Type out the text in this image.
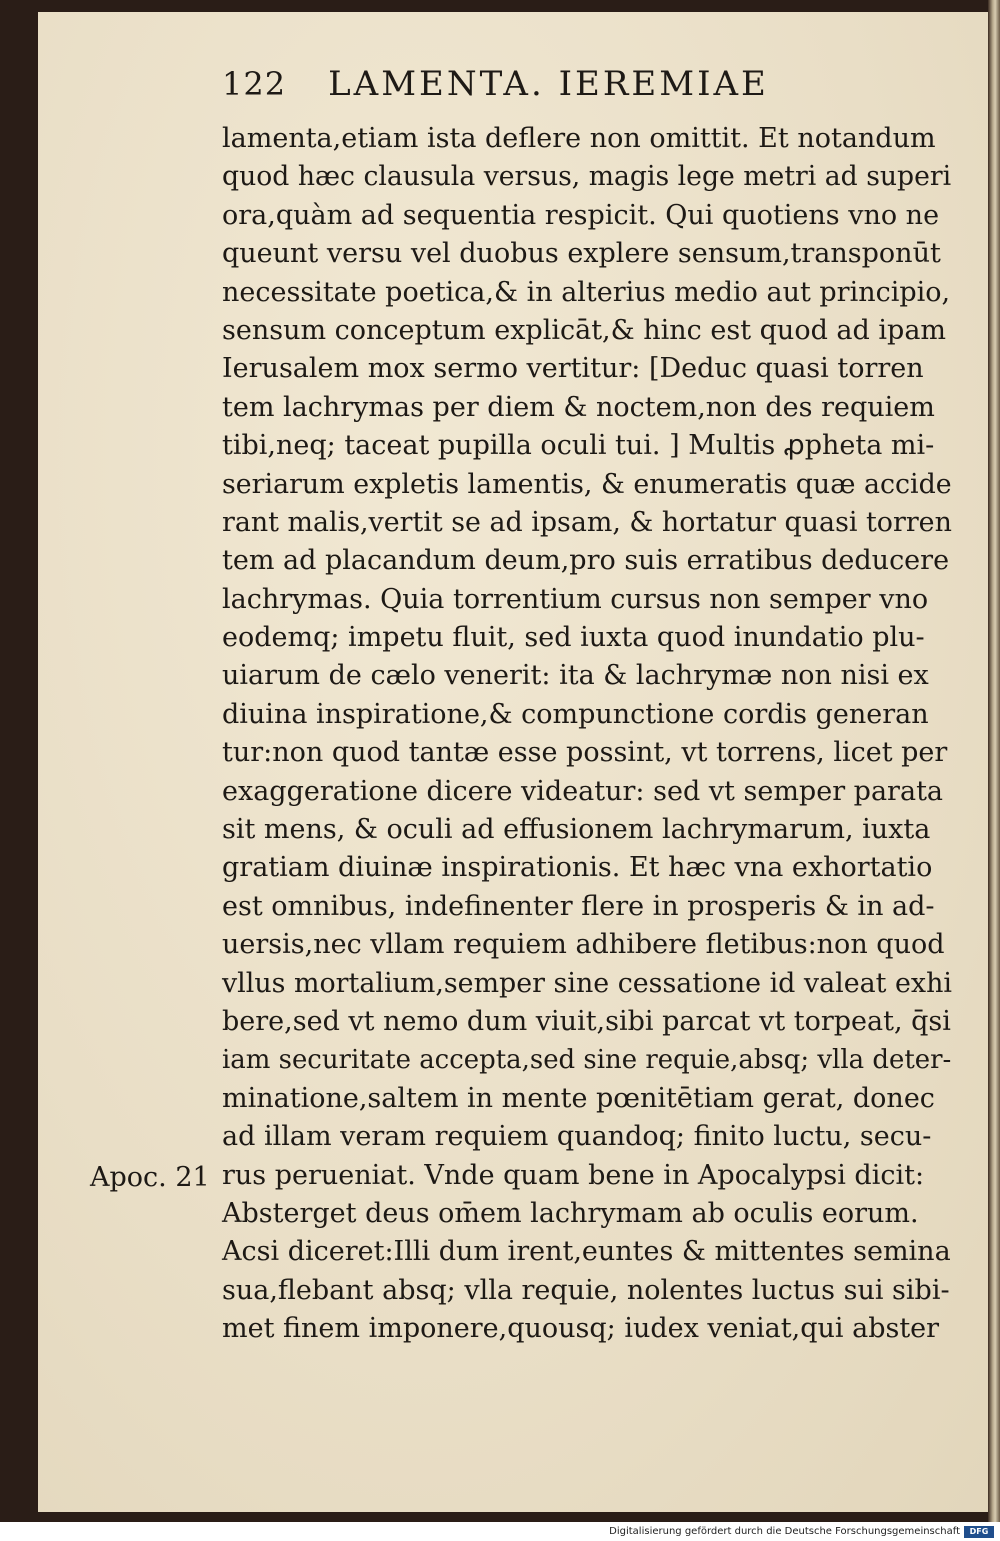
122 LAMENTA. IEREMIAE
Apoc. 21
lamenta,etiam ista deflere non omittit. Et notandum
quod hæc clausula versus, magis lege metri ad superi
ora,quàm ad sequentia respicit. Qui quotiens vno ne
queunt versu vel duobus explere sensum,transponūt
necessitate poetica,& in alterius medio aut principio,
sensum conceptum explicāt,& hinc est quod ad ipam
Ierusalem mox sermo vertitur: [Deduc quasi torren
tem lachrymas per diem & noctem,non des requiem
tibi,neq; taceat pupilla oculi tui. ] Multis ꝓpheta mi-
seriarum expletis lamentis, & enumeratis quæ accide
rant malis,vertit se ad ipsam, & hortatur quasi torren
tem ad placandum deum,pro suis erratibus deducere
lachrymas. Quia torrentium cursus non semper vno
eodemq; impetu fluit, sed iuxta quod inundatio plu-
uiarum de cælo venerit: ita & lachrymæ non nisi ex
diuina inspiratione,& compunctione cordis generan
tur:non quod tantæ esse possint, vt torrens, licet per
exaggeratione dicere videatur: sed vt semper parata
sit mens, & oculi ad effusionem lachrymarum, iuxta
gratiam diuinæ inspirationis. Et hæc vna exhortatio
est omnibus, indefinenter flere in prosperis & in ad-
uersis,nec vllam requiem adhibere fletibus:non quod
vllus mortalium,semper sine cessatione id valeat exhi
bere,sed vt nemo dum viuit,sibi parcat vt torpeat, q̄si
iam securitate accepta,sed sine requie,absq; vlla deter-
minatione,saltem in mente pœnitētiam gerat, donec
ad illam veram requiem quandoq; finito luctu, secu-
rus perueniat. Vnde quam bene in Apocalypsi dicit:
Absterget deus om̄em lachrymam ab oculis eorum.
Acsi diceret:Illi dum irent,euntes & mittentes semina
sua,flebant absq; vlla requie, nolentes luctus sui sibi-
met finem imponere,quousq; iudex veniat,qui abster
Digitalisierung gefördert durch die Deutsche Forschungsgemeinschaft	DFG
